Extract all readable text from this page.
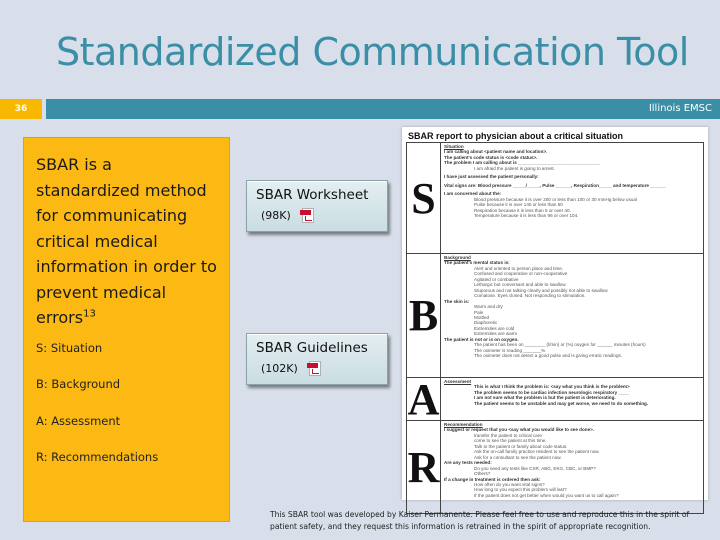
Standardized Communication Tool
36	Illinois EMSC
SBAR is a standardized method for communicating critical medical information in order to prevent medical errors$^{13}$
S: Situation
B: Background
A: Assessment
R: Recommendations
SBAR Worksheet
(98K)
SBAR Guidelines
(102K)
SBAR report to physician about a critical situation
S
Situation
I am calling about <patient name and location>.
The patient's code status is <code status>.
The problem I am calling about is ________________________________
I am afraid the patient is going to arrest.
I have just assessed the patient personally:
Vital signs are: Blood pressure _____/_____, Pulse ______, Respiration_____ and temperature ______
I am concerned about the:
Blood pressure because it is over 200 or less than 100 or 30 mmHg below usual
Pulse because it is over 140 or less than 50
Respiration because it is less than 5 or over 40.
Temperature because it is less than 96 or over 104.
B
Background
The patient's mental status is:
Alert and oriented to person place and time.
Confused and cooperative or non-cooperative
Agitated or combative
Lethargic but conversant and able to swallow
Stuporous and not talking clearly and possibly not able to swallow
Comatose. Eyes closed. Not responding to stimulation.
The skin is:
Warm and dry
Pale
Mottled
Diaphoretic
Extremities are cold
Extremities are warm
The patient is not or is on oxygen.
The patient has been on ________ (l/min) or (%) oxygen for ______ minutes (hours)
The oximeter is reading _______%
The oximeter does not detect a good pulse and is giving erratic readings.
A	Assessment
This is what I think the problem is: <say what you think is the problem>
The problem seems to be cardiac infection neurologic respiratory ____
I am not sure what the problem is but the patient is deteriorating.
The patient seems to be unstable and may get worse, we need to do something.
R
Recommendation
I suggest or request that you <say what you would like to see done>.
transfer the patient to critical care
come to see the patient at this time.
Talk to the patient or family about code status.
Ask the on-call family practice resident to see the patient now.
Ask for a consultant to see the patient now.
Are any tests needed:
Do you need any tests like CXR, ABG, EKG, CBC, or BMP?
Others?
If a change in treatment is ordered then ask:
How often do you want vital signs?
How long to you expect this problem will last?
If the patient does not get better when would you want us to call again?
This SBAR tool was developed by Kaiser Permanente. Please feel free to use and reproduce this in the spirit of patient safety, and they request this information is retrained in the spirit of appropriate recognition.
